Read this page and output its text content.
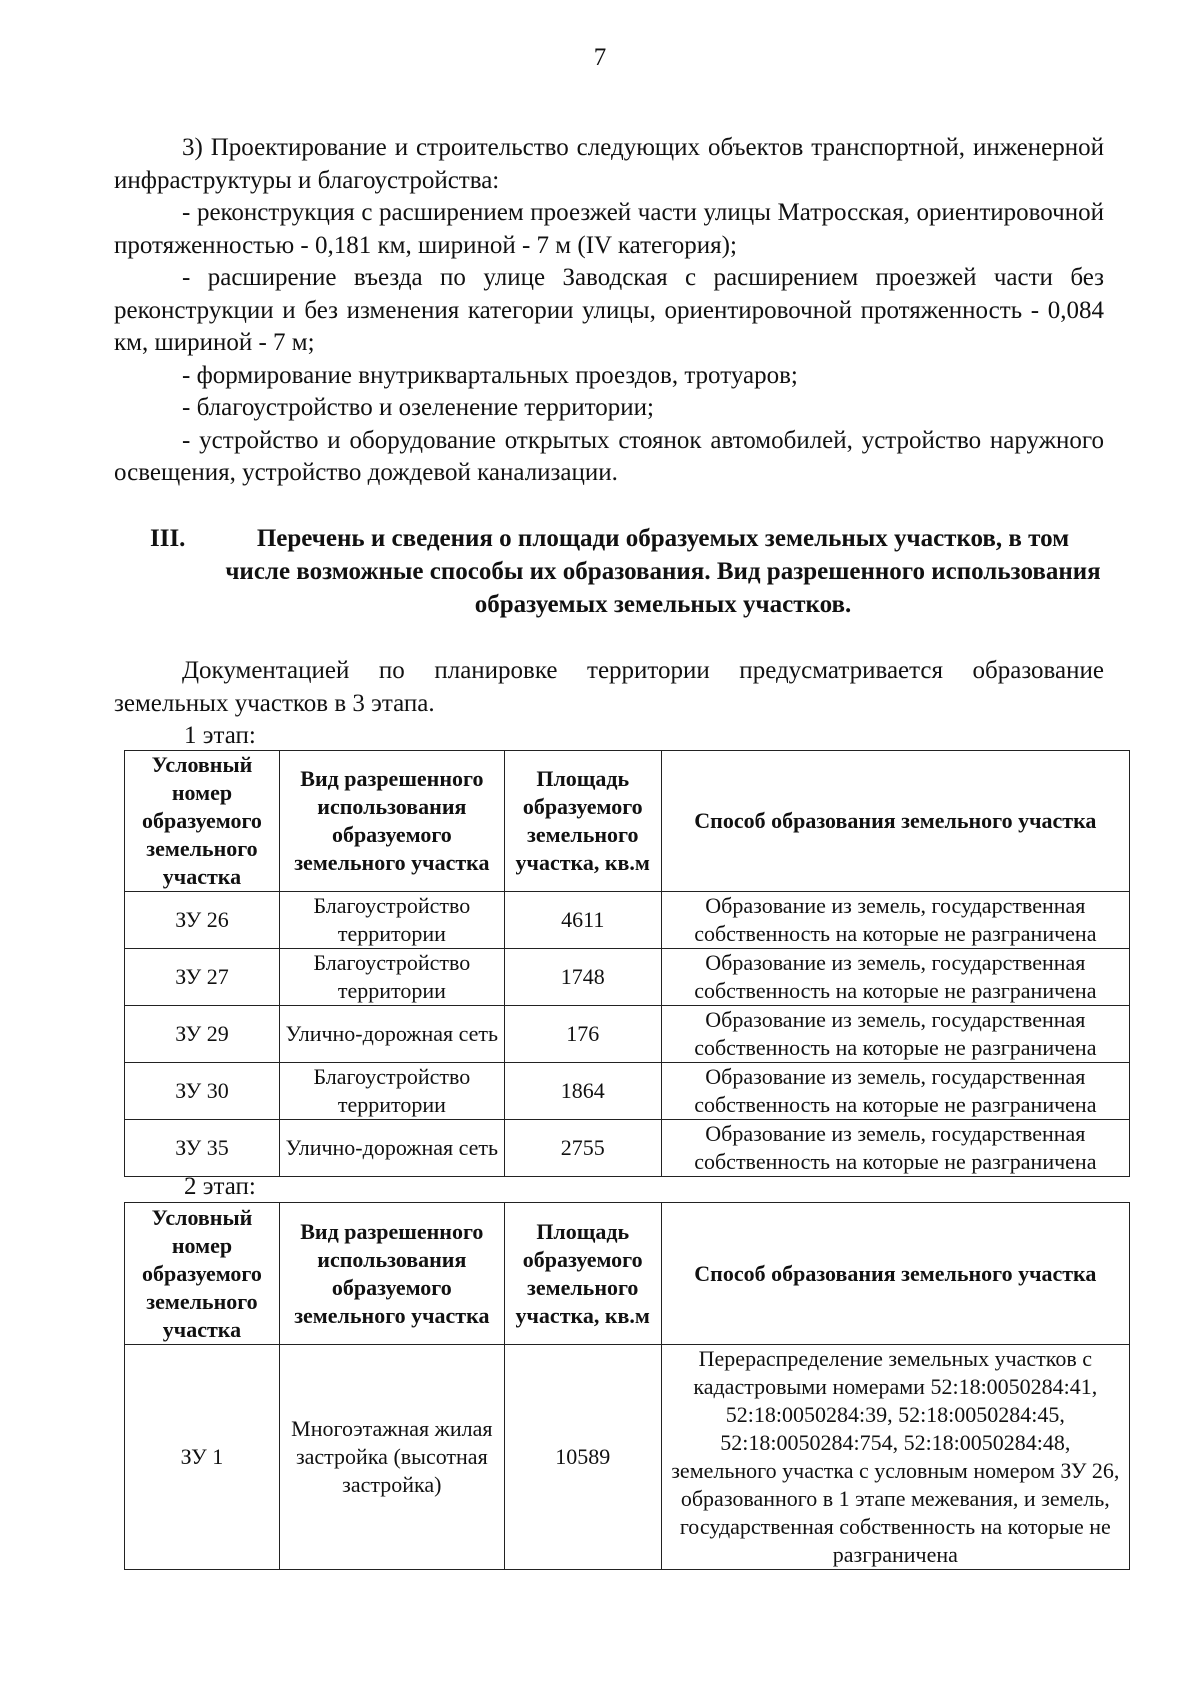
7

3) Проектирование и строительство следующих объектов транспортной, инженерной инфраструктуры и благоустройства:

- реконструкция с расширением проезжей части улицы Матросская, ориентировочной протяженностью - 0,181 км, шириной - 7 м (IV категория);

- расширение въезда по улице Заводская с расширением проезжей части без реконструкции и без изменения категории улицы, ориентировочной протяженность - 0,084 км, шириной - 7 м;

- формирование внутриквартальных проездов, тротуаров;

- благоустройство и озеленение территории;

- устройство и оборудование открытых стоянок автомобилей, устройство наружного освещения, устройство дождевой канализации.

III.	Перечень и сведения о площади образуемых земельных участков, в том числе возможные способы их образования. Вид разрешенного использования образуемых земельных участков.

Документацией по планировке территории предусматривается образование земельных участков в 3 этапа.

1 этап:
Условный номер образуемого земельного участка	Вид разрешенного использования образуемого земельного участка	Площадь образуемого земельного участка, кв.м	Способ образования земельного участка
ЗУ 26	Благоустройство территории	4611	Образование из земель, государственная собственность на которые не разграничена
ЗУ 27	Благоустройство территории	1748	Образование из земель, государственная собственность на которые не разграничена
ЗУ 29	Улично-дорожная сеть	176	Образование из земель, государственная собственность на которые не разграничена
ЗУ 30	Благоустройство территории	1864	Образование из земель, государственная собственность на которые не разграничена
ЗУ 35	Улично-дорожная сеть	2755	Образование из земель, государственная собственность на которые не разграничена
2 этап:
Условный номер образуемого земельного участка	Вид разрешенного использования образуемого земельного участка	Площадь образуемого земельного участка, кв.м	Способ образования земельного участка
ЗУ 1	Многоэтажная жилая застройка (высотная застройка)	10589	Перераспределение земельных участков с кадастровыми номерами 52:18:0050284:41, 52:18:0050284:39, 52:18:0050284:45, 52:18:0050284:754, 52:18:0050284:48, земельного участка с условным номером ЗУ 26, образованного в 1 этапе межевания, и земель, государственная собственность на которые не разграничена
